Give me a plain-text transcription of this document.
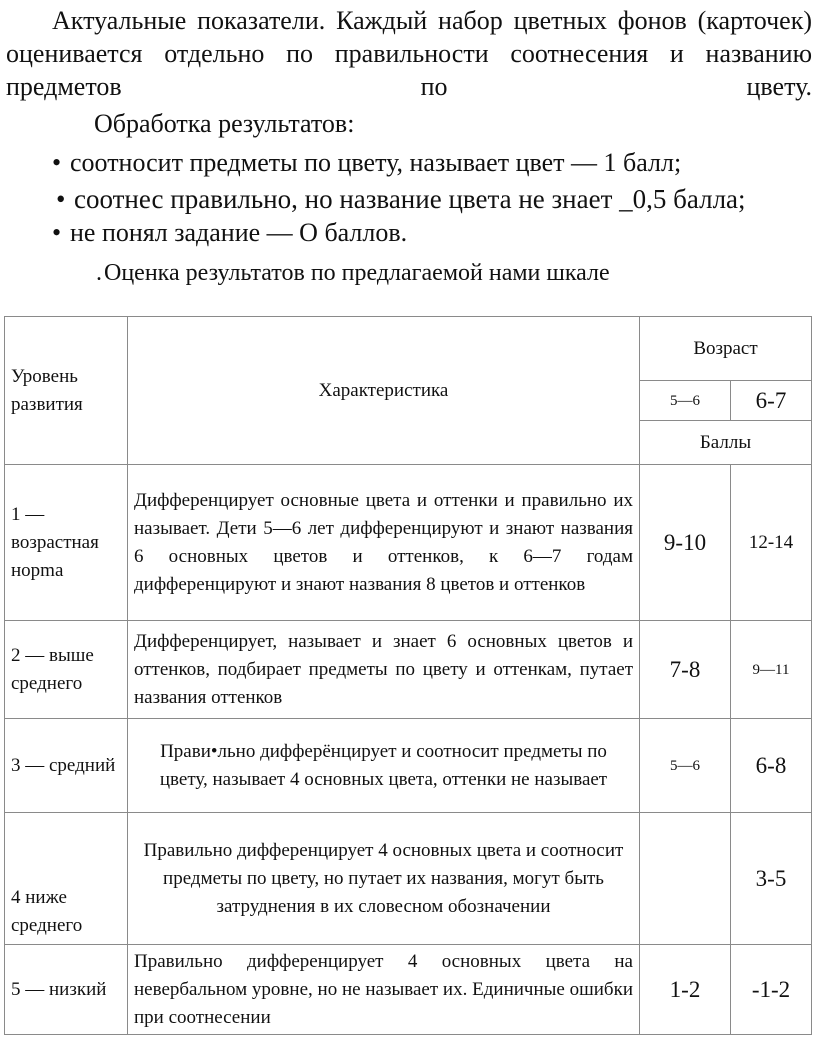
Актуальные показатели. Каждый набор цветных фонов (карточек) оценивается отдельно по правильности соотнесения и названию предметов по цвету.

Обработка результатов:

• соотносит предметы по цвету, называет цвет — 1 балл;
• соотнес правильно, но название цвета не знает _0,5 балла;
• не понял задание — О баллов.

.Оценка результатов по предлагаемой нами шкале

Уровень развития	Характеристика	Возраст	
		5—6	6-7
		Баллы	
1 — возрастная норma	Дифференцирует основные цвета и оттенки и правильно их называет. Дети 5—6 лет дифференцируют и знают названия 6 основных цветов и оттенков, к 6—7 годам дифференцируют и знают названия 8 цветов и оттенков	9-10	12-14
2 — выше среднего	Дифференцирует, называет и знает 6 основных цветов и оттенков, подбирает предметы по цвету и оттенкам, путает названия оттенков	7-8	9—11
3 — средний	Прави•льно дифферёнцирует и соотносит предметы по цвету, называет 4 основных цвета, оттенки не называет	5—6	6-8
4 ниже среднего	Правильно дифференцирует 4 основных цвета и соотносит предметы по цвету, но путает их названия, могут быть затруднения в их словесном обозначении		3-5
5 — низкий	Правильно дифференцирует 4 основных цвета на невербальном уровне, но не называет их. Единичные ошибки при соотнесении	1-2	-1-2
